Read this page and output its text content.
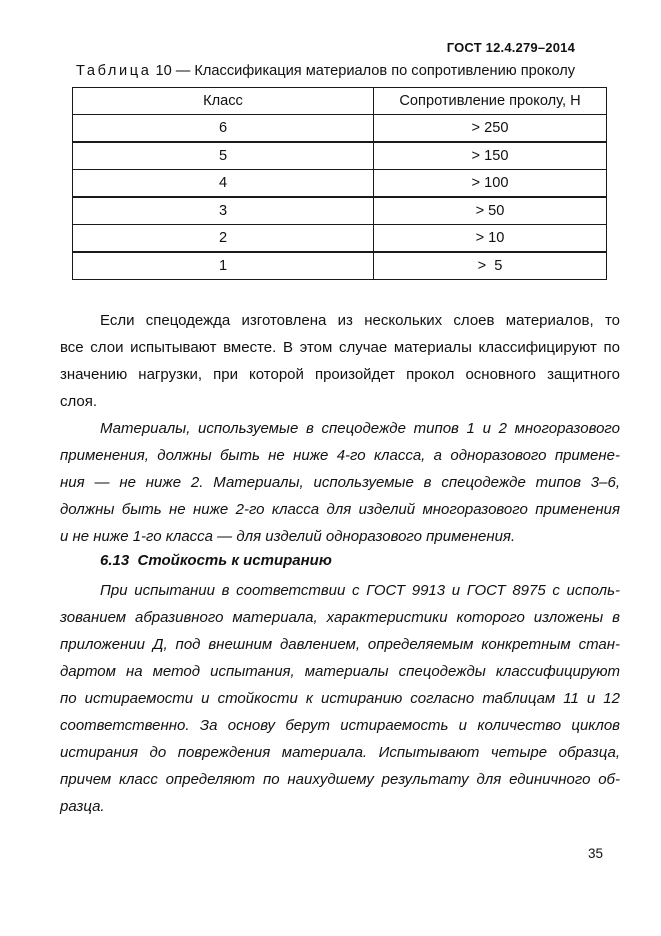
ГОСТ 12.4.279–2014
Таблица 10 — Классификация материалов по сопротивлению проколу
Класс	Сопротивление проколу, Н
6	> 250
5	> 150
4	> 100
3	> 50
2	> 10
1	>  5
Если спецодежда изготовлена из нескольких слоев материалов, то
все слои испытывают вместе. В этом случае материалы классифицируют по
значению нагрузки, при которой произойдет прокол основного защитного
слоя.
Материалы, используемые в спецодежде типов 1 и 2 многоразового
применения, должны быть не ниже 4-го класса, а одноразового примене-
ния — не ниже 2. Материалы, используемые в спецодежде типов 3–6,
должны быть не ниже 2-го класса для изделий многоразового применения
и не ниже 1-го класса — для изделий одноразового применения.
6.13  Стойкость к истиранию
При испытании в соответствии с ГОСТ 9913 и ГОСТ 8975 с исполь-
зованием абразивного материала, характеристики которого изложены в
приложении Д, под внешним давлением, определяемым конкретным стан-
дартом на метод испытания, материалы спецодежды классифицируют
по истираемости и стойкости к истиранию согласно таблицам 11 и 12
соответственно. За основу берут истираемость и количество циклов
истирания до повреждения материала. Испытывают четыре образца,
причем класс определяют по наихудшему результату для единичного об-
разца.
35
